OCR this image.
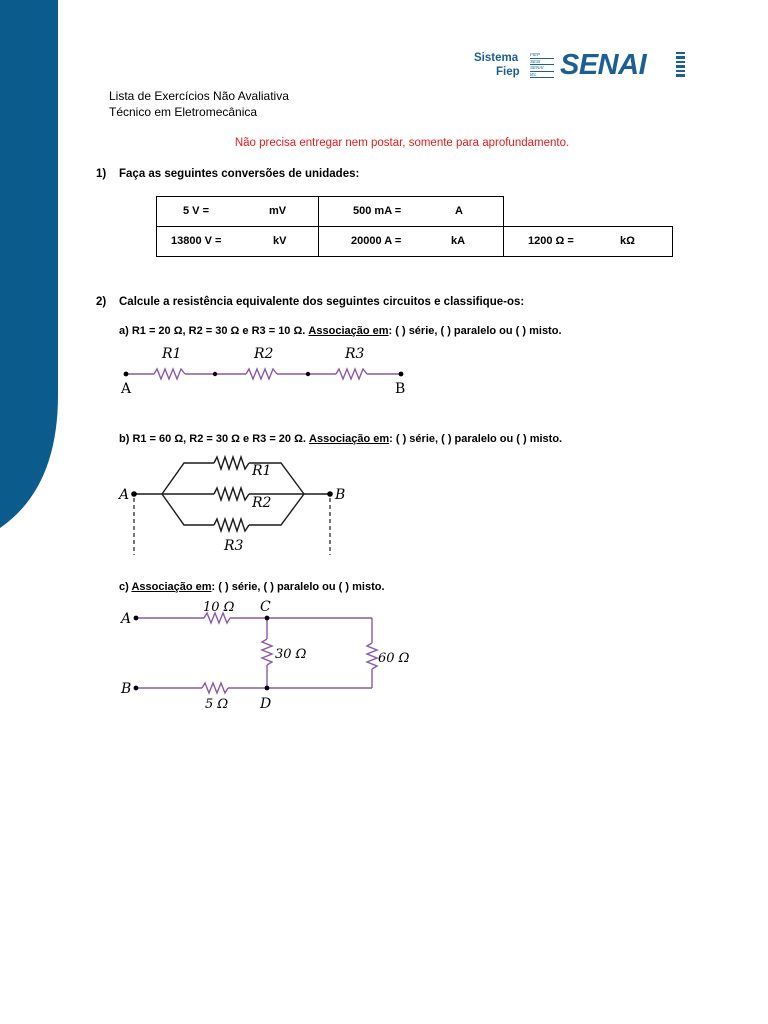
Sistema
Fiep
FIEP
SESI
SENAI
IEL SENAI
Lista de Exercícios Não Avaliativa
Técnico em Eletromecânica
Não precisa entregar nem postar, somente para aprofundamento.
1) Faça as seguintes conversões de unidades:
5 V = mV	500 mA = A	

13800 V = kV	20000 A = kA	1200 Ω = kΩ
2) Calcule a resistência equivalente dos seguintes circuitos e classifique-os:
a) R1 = 20 Ω, R2 = 30 Ω e R3 = 10 Ω. Associação em: ( ) série, ( ) paralelo ou ( ) misto.
A	B
R1	R2	R3
b) R1 = 60 Ω, R2 = 30 Ω e R3 = 20 Ω. Associação em: ( ) série, ( ) paralelo ou ( ) misto.
A	B
R1
R2
R3
c) Associação em: ( ) série, ( ) paralelo ou ( ) misto.
A
B
C
D
10 Ω
30 Ω	60 Ω
5 Ω
